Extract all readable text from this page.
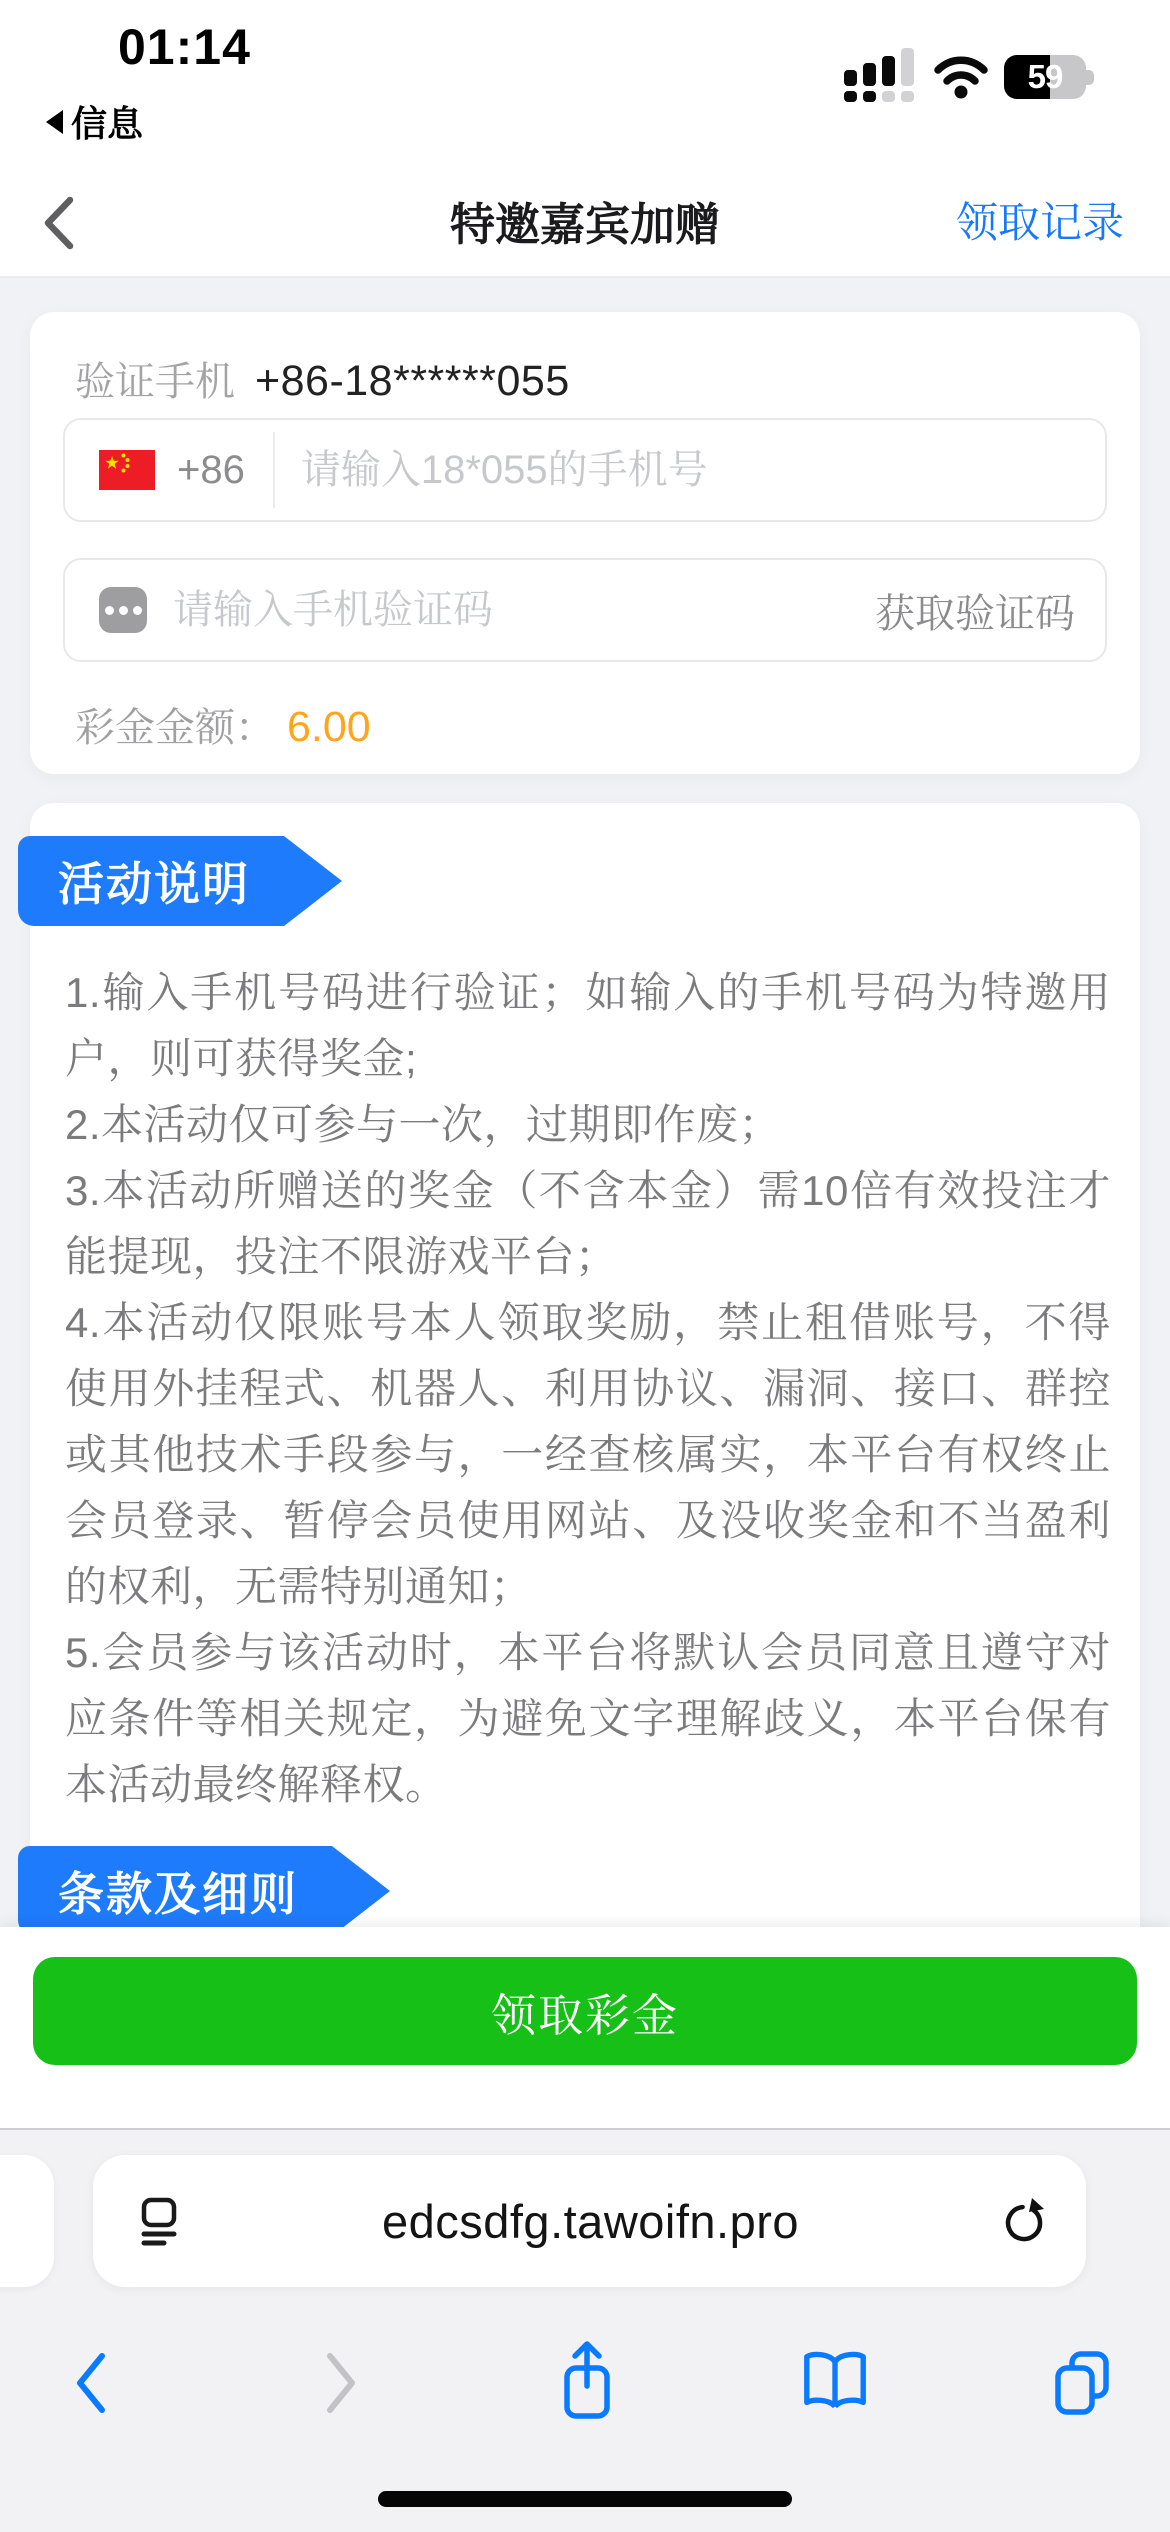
01:14
信息
59
特邀嘉宾加赠	领取记录
验证手机 +86-18******055
+86
请输入18*055的手机号
请输入手机验证码
获取验证码
彩金金额： 6.00
活动说明

1.输入手机号码进行验证；如输入的手机号码为特邀用户，则可获得奖金;

2.本活动仅可参与一次，过期即作废；

3.本活动所赠送的奖金（不含本金）需10倍有效投注才能提现，投注不限游戏平台；

4.本活动仅限账号本人领取奖励，禁止租借账号，不得使用外挂程式、机器人、利用协议、漏洞、接口、群控或其他技术手段参与，一经查核属实，本平台有权终止会员登录、暂停会员使用网站、及没收奖金和不当盈利的权利，无需特别通知；

5.会员参与该活动时，本平台将默认会员同意且遵守对应条件等相关规定，为避免文字理解歧义，本平台保有本活动最终解释权。

条款及细则
领取彩金
edcsdfg.tawoifn.pro
